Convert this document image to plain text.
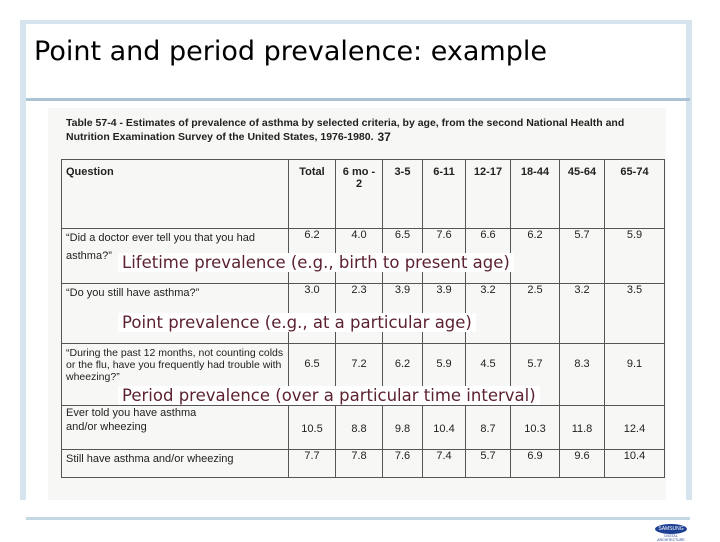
Point and period prevalence: example
Table 57-4 - Estimates of prevalence of asthma by selected criteria, by age, from the second National Health and Nutrition Examination Survey of the United States, 1976-1980. $^{37}$
Question	Total	6 mo - 2	3-5	6-11	12-17	18-44	45-64	65-74
“Did a doctor ever tell you that you had asthma?”	6.2	4.0	6.5	7.6	6.6	6.2	5.7	5.9
“Do you still have asthma?”	3.0	2.3	3.9	3.9	3.2	2.5	3.2	3.5
“During the past 12 months, not counting colds or the flu, have you frequently had trouble with wheezing?”	6.5	7.2	6.2	5.9	4.5	5.7	8.3	9.1
Ever told you have asthma and/or wheezing	10.5	8.8	9.8	10.4	8.7	10.3	11.8	12.4
Still have asthma and/or wheezing	7.7	7.8	7.6	7.4	5.7	6.9	9.6	10.4
Lifetime prevalence (e.g., birth to present age)
Point prevalence (e.g., at a particular age)
Period prevalence (over a particular time interval)
SAMSUNG
DIGITAL ARCHITECTURE
